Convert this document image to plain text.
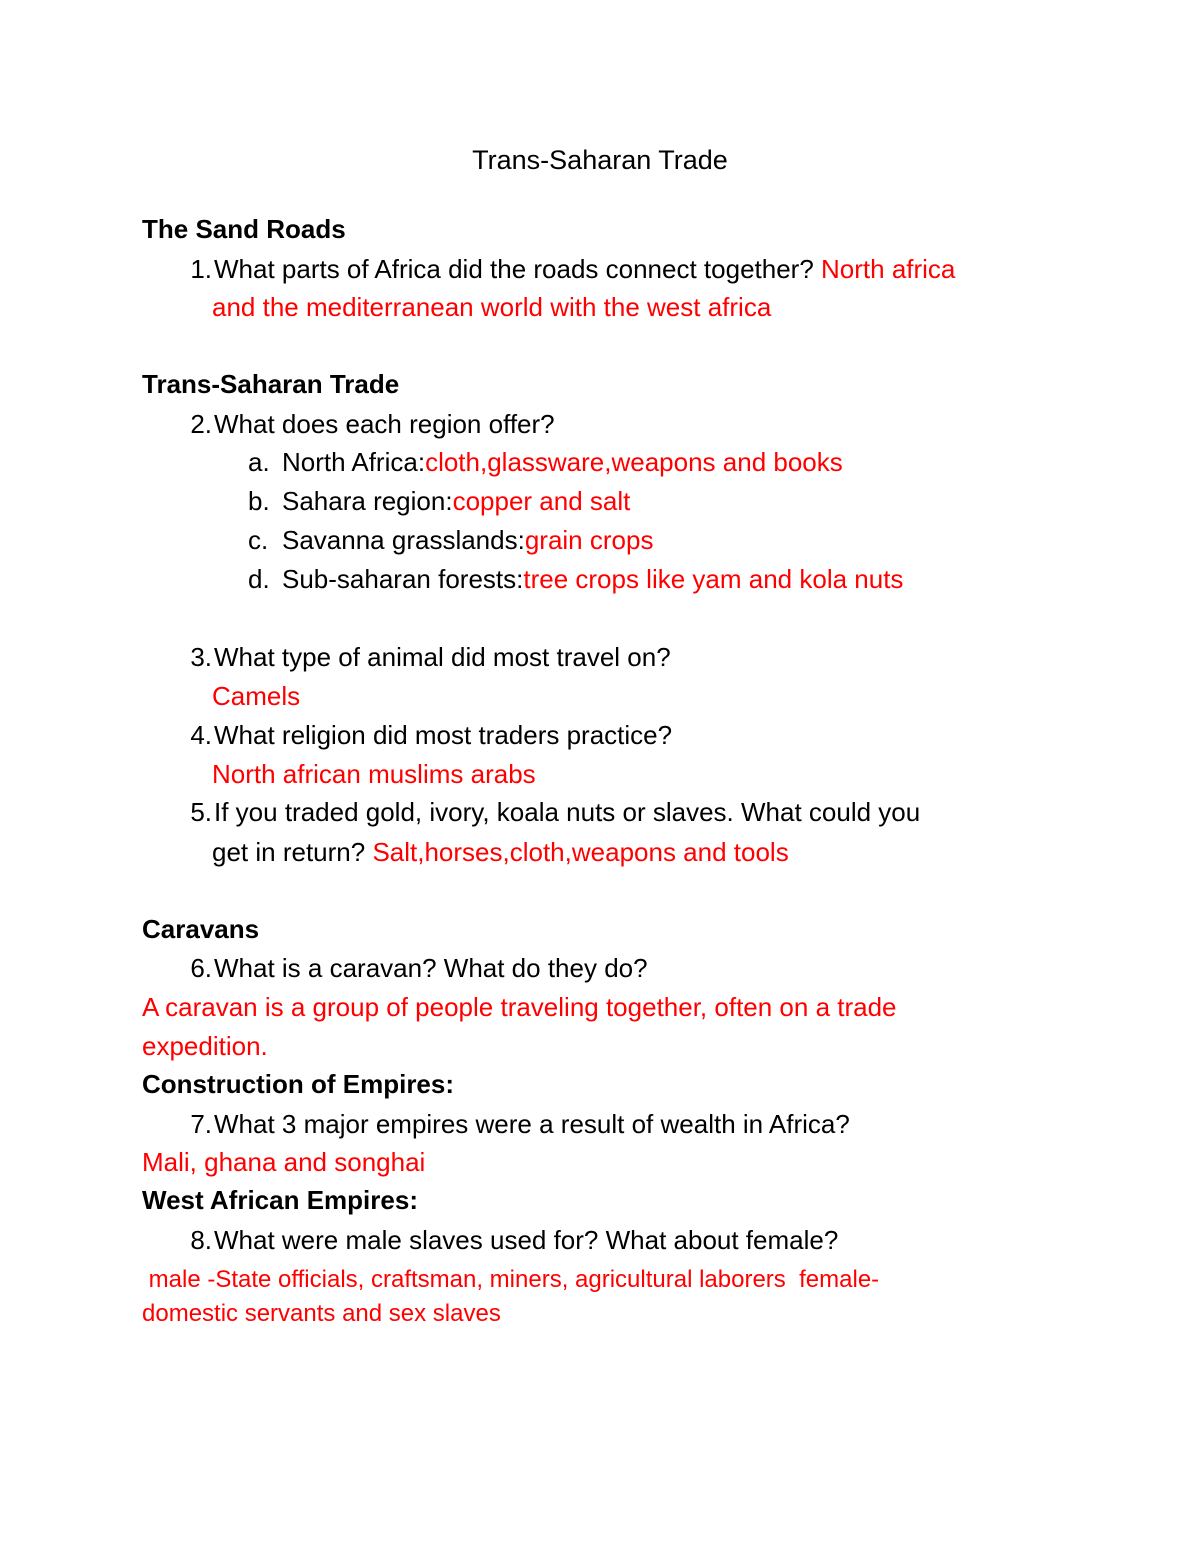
Trans-Saharan Trade
The Sand Roads
1.What parts of Africa did the roads connect together? North africa
and the mediterranean world with the west africa
Trans-Saharan Trade
2.What does each region offer?
a. North Africa:cloth,glassware,weapons and books
b. Sahara region:copper and salt
c. Savanna grasslands:grain crops
d. Sub-saharan forests:tree crops like yam and kola nuts
3.What type of animal did most travel on?
Camels
4.What religion did most traders practice?
North african muslims arabs
5.If you traded gold, ivory, koala nuts or slaves. What could you
get in return? Salt,horses,cloth,weapons and tools
Caravans
6.What is a caravan? What do they do?
A caravan is a group of people traveling together, often on a trade
expedition.
Construction of Empires:
7.What 3 major empires were a result of wealth in Africa?
Mali, ghana and songhai
West African Empires:
8.What were male slaves used for? What about female?
male -State officials, craftsman, miners, agricultural laborers  female-
domestic servants and sex slaves
